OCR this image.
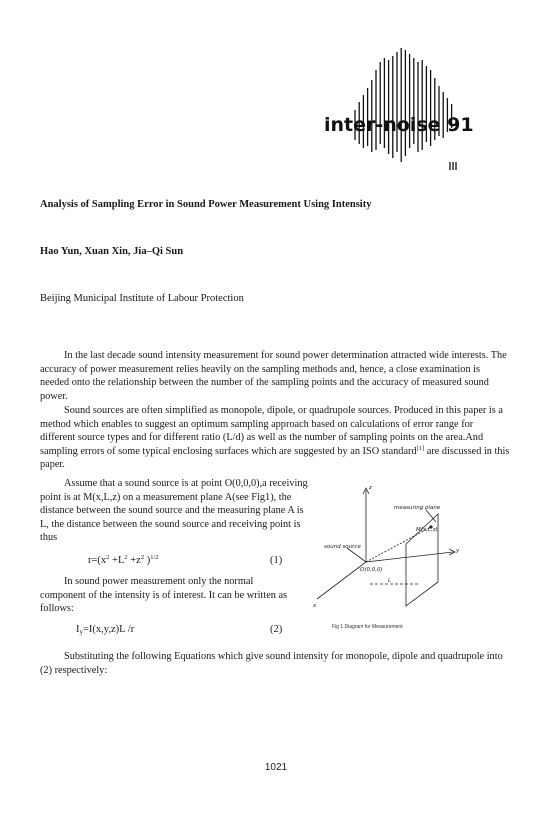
inter-noise 91
Analysis of Sampling Error in Sound Power Measurement Using Intensity
Hao Yun, Xuan Xin, Jia–Qi Sun
Beijing Municipal Institute of Labour Protection
In the last decade sound intensity measurement for sound power determination attracted wide interests. The accuracy of power measurement relies heavily on the sampling methods and, hence, a close examination is needed onto the relationship between the number of the sampling points and the accuracy of measured sound power.
Sound sources are often simplified as monopole, dipole, or quadrupole sources. Produced in this paper is a method which enables to suggest an optimum sampling approach based on calculations of error range for different source types and for different ratio (L/d) as well as the number of sampling points on the area.And sampling errors of some typical enclosing surfaces which are suggested by an ISO standard[1] are discussed in this paper.
Assume that a sound source is at point O(0,0,0),a receiving point is at M(x,L,z) on a measurement plane A(see Fig1), the distance between the sound source and the measuring plane A is L, the distance between the sound source and receiving point is thus
$r=(x^2 +L^2 +z^2$ )$^{1/2}$	(1)
In sound power measurement only the normal component of the intensity is of interest. It can be written as follows:
$I_y=I(x,y,z)L$ /r	(2)
z
y
x
measuring plane
sound source
O(0,0,0)
M(x,L,z)
L
Fig 1 Diagram for Measurement
Substituting the following Equations which give sound intensity for monopole, dipole and quadrupole into (2) respectively:
1021
